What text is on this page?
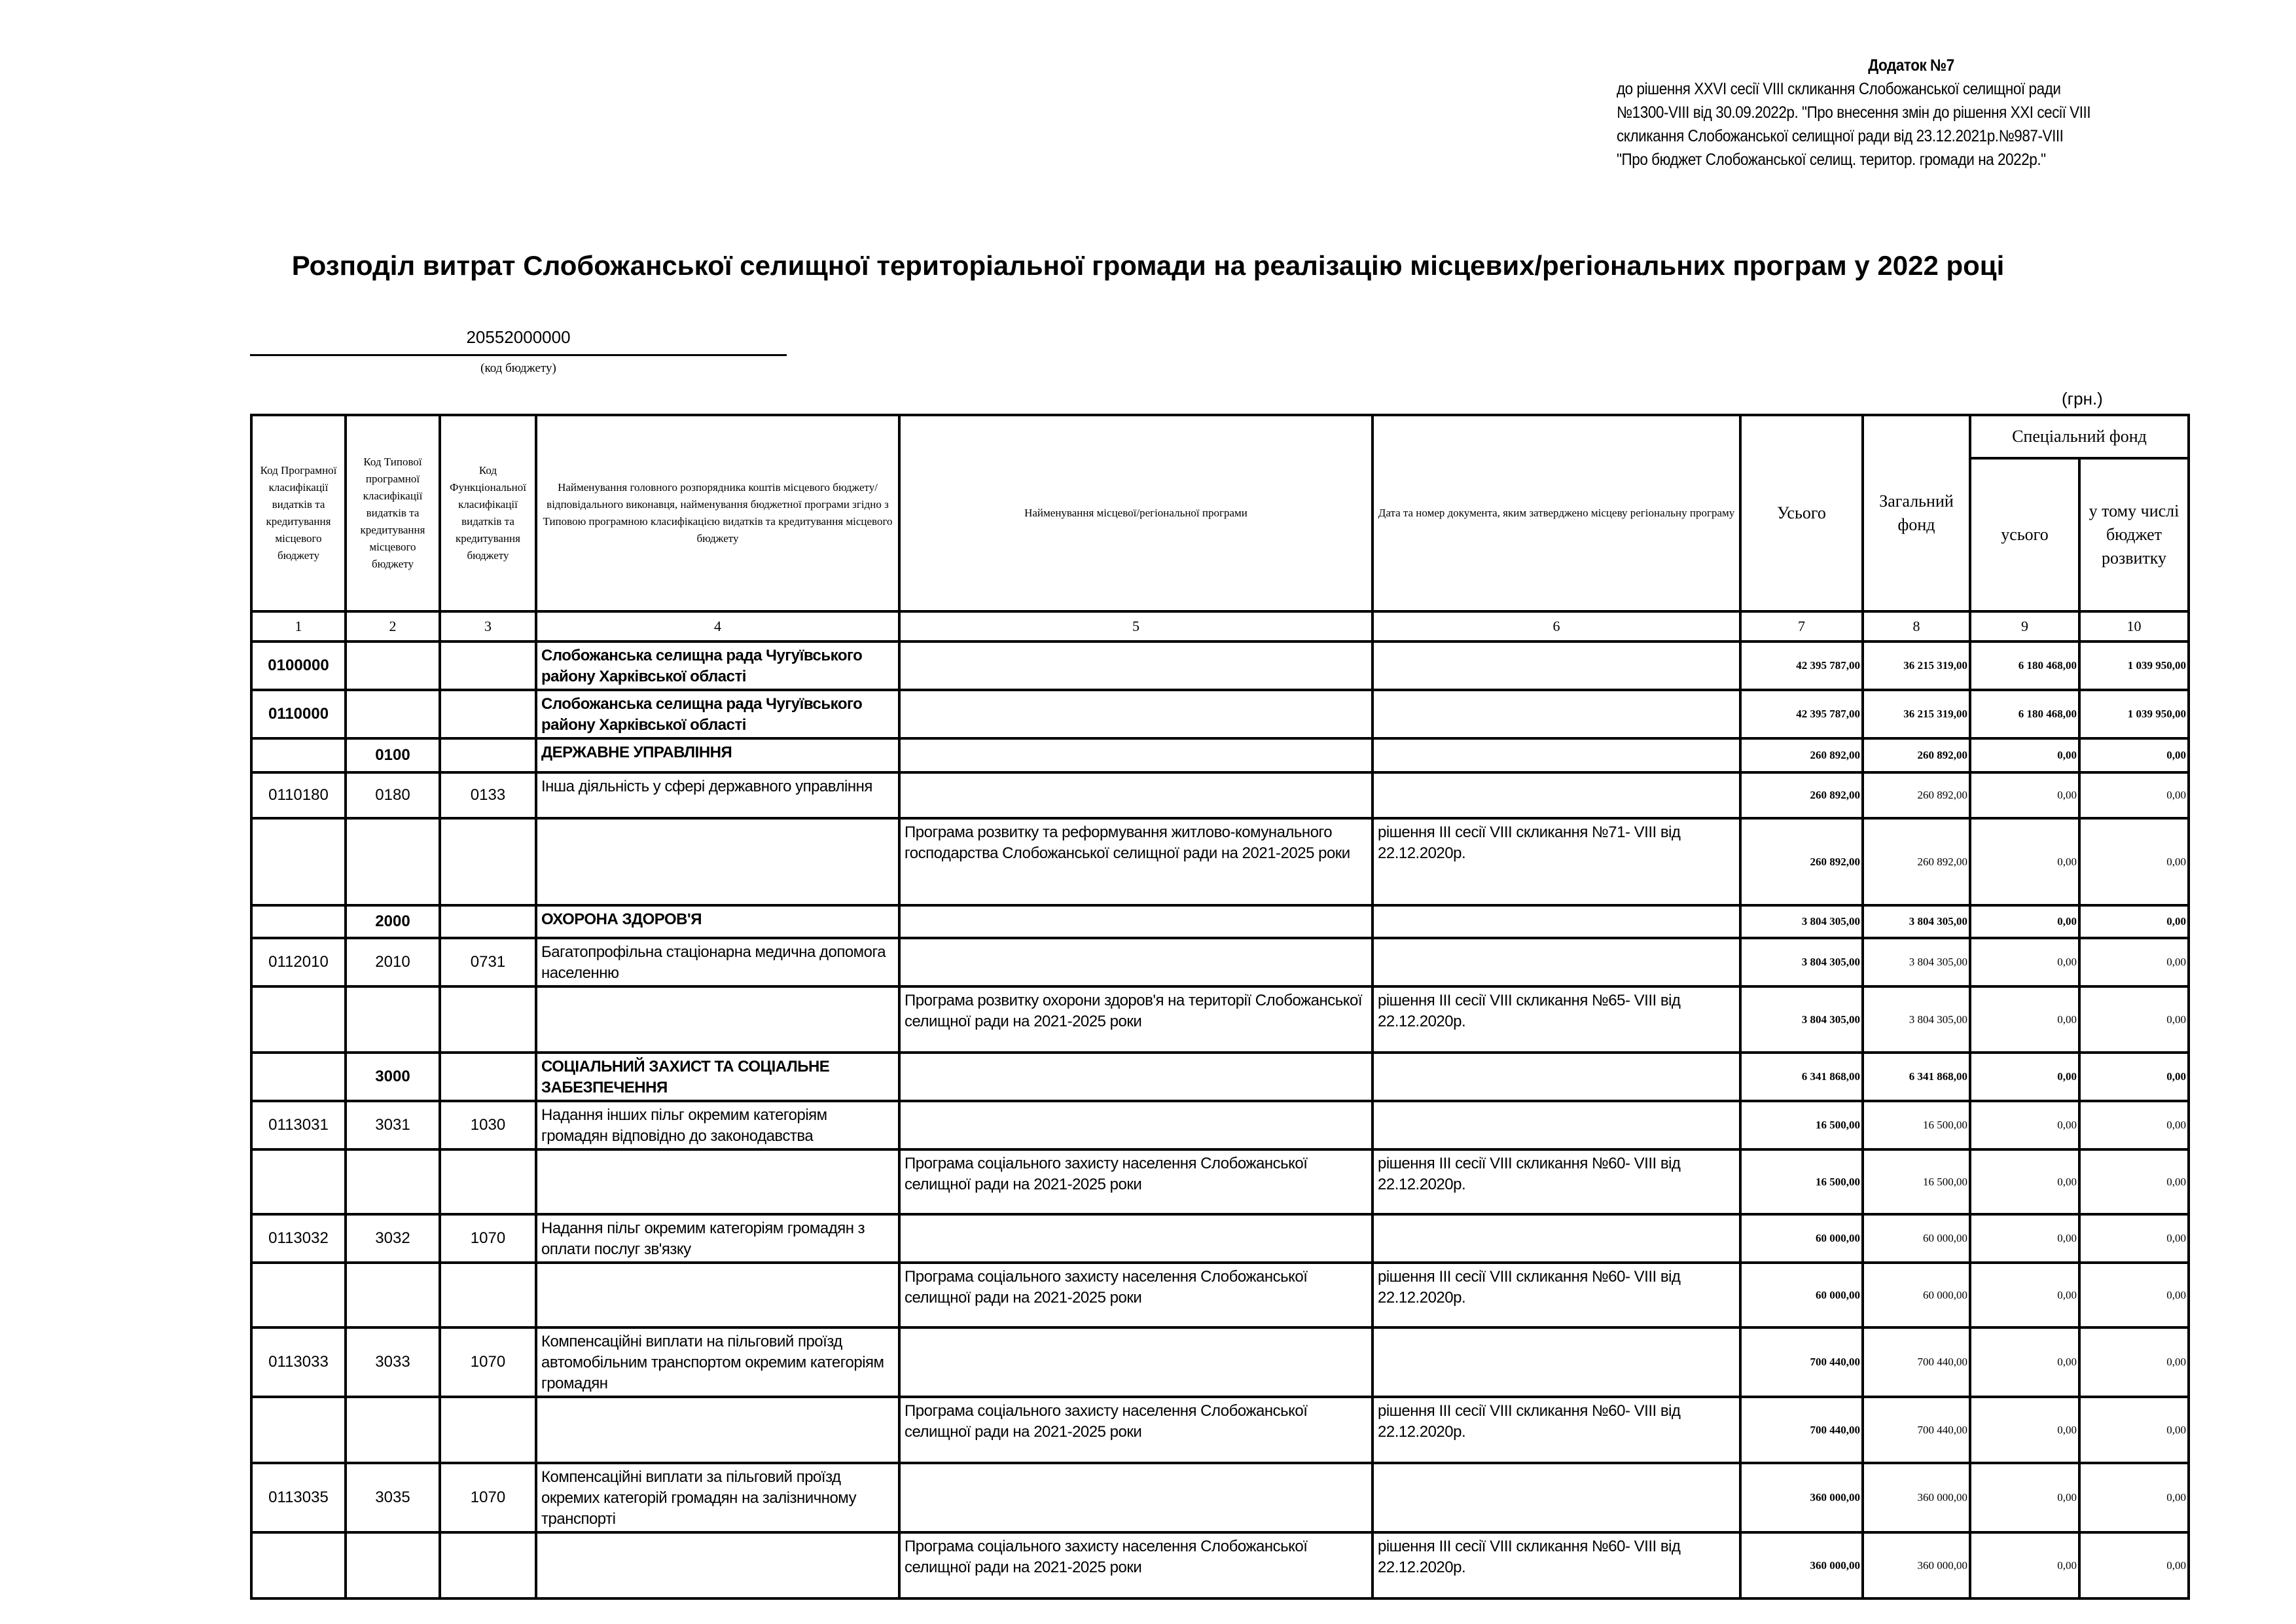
Додаток №7
до рішення XXVI сесії VIII скликання Слобожанської селищної ради
№1300-VIII від 30.09.2022р. "Про внесення змін до рішення XXI сесії VIII
скликання Слобожанської селищної ради від 23.12.2021р.№987-VIII
"Про бюджет Слобожанської селищ. територ. громади на 2022р."
Розподіл витрат Слобожанської селищної територіальної громади на реалізацію місцевих/регіональних програм у 2022 році
20552000000
(код бюджету)
(грн.)
Код Програмної класифікації видатків та кредитування місцевого бюджету	Код Типової програмної класифікації видатків та кредитування місцевого бюджету	Код Функціональної класифікації видатків та кредитування бюджету	Найменування головного розпорядника коштів місцевого бюджету/ відповідального виконавця, найменування бюджетної програми згідно з Типовою програмною класифікацією видатків та кредитування місцевого бюджету	Найменування місцевої/регіональної програми	Дата та номер документа, яким затверджено місцеву регіональну програму	Усього	Загальний фонд	Спеціальний фонд	
								усього	у тому числі бюджет розвитку
1	2	3	4	5	6	7	8	9	10
0100000			Слобожанська селищна рада Чугуївського району Харківської області			42 395 787,00	36 215 319,00	6 180 468,00	1 039 950,00
0110000			Слобожанська селищна рада Чугуївського району Харківської області			42 395 787,00	36 215 319,00	6 180 468,00	1 039 950,00
	0100		ДЕРЖАВНЕ УПРАВЛІННЯ			260 892,00	260 892,00	0,00	0,00
0110180	0180	0133	Інша діяльність у сфері державного управління			260 892,00	260 892,00	0,00	0,00
				Програма розвитку та реформування житлово-комунального господарства Слобожанської селищної ради на 2021-2025 роки	рішення ІІІ сесії VIII скликання №71- VIII від 22.12.2020р.	260 892,00	260 892,00	0,00	0,00
	2000		ОХОРОНА ЗДОРОВ'Я			3 804 305,00	3 804 305,00	0,00	0,00
0112010	2010	0731	Багатопрофільна стаціонарна медична допомога населенню			3 804 305,00	3 804 305,00	0,00	0,00
				Програма розвитку охорони здоров'я на території Слобожанської селищної ради на 2021-2025 роки	рішення ІІІ сесії VIII скликання №65- VIII від 22.12.2020р.	3 804 305,00	3 804 305,00	0,00	0,00
	3000		СОЦІАЛЬНИЙ ЗАХИСТ ТА СОЦІАЛЬНЕ ЗАБЕЗПЕЧЕННЯ			6 341 868,00	6 341 868,00	0,00	0,00
0113031	3031	1030	Надання інших пільг окремим категоріям громадян відповідно до законодавства			16 500,00	16 500,00	0,00	0,00
				Програма соціального захисту населення Слобожанської селищної ради на 2021-2025 роки	рішення ІІІ сесії VIII скликання №60- VIII від 22.12.2020р.	16 500,00	16 500,00	0,00	0,00
0113032	3032	1070	Надання пільг окремим категоріям громадян з оплати послуг зв'язку			60 000,00	60 000,00	0,00	0,00
				Програма соціального захисту населення Слобожанської селищної ради на 2021-2025 роки	рішення ІІІ сесії VIII скликання №60- VIII від 22.12.2020р.	60 000,00	60 000,00	0,00	0,00
0113033	3033	1070	Компенсаційні виплати на пільговий проїзд автомобільним транспортом окремим категоріям громадян			700 440,00	700 440,00	0,00	0,00
				Програма соціального захисту населення Слобожанської селищної ради на 2021-2025 роки	рішення ІІІ сесії VIII скликання №60- VIII від 22.12.2020р.	700 440,00	700 440,00	0,00	0,00
0113035	3035	1070	Компенсаційні виплати за пільговий проїзд окремих категорій громадян на залізничному транспорті			360 000,00	360 000,00	0,00	0,00
				Програма соціального захисту населення Слобожанської селищної ради на 2021-2025 роки	рішення ІІІ сесії VIII скликання №60- VIII від 22.12.2020р.	360 000,00	360 000,00	0,00	0,00
